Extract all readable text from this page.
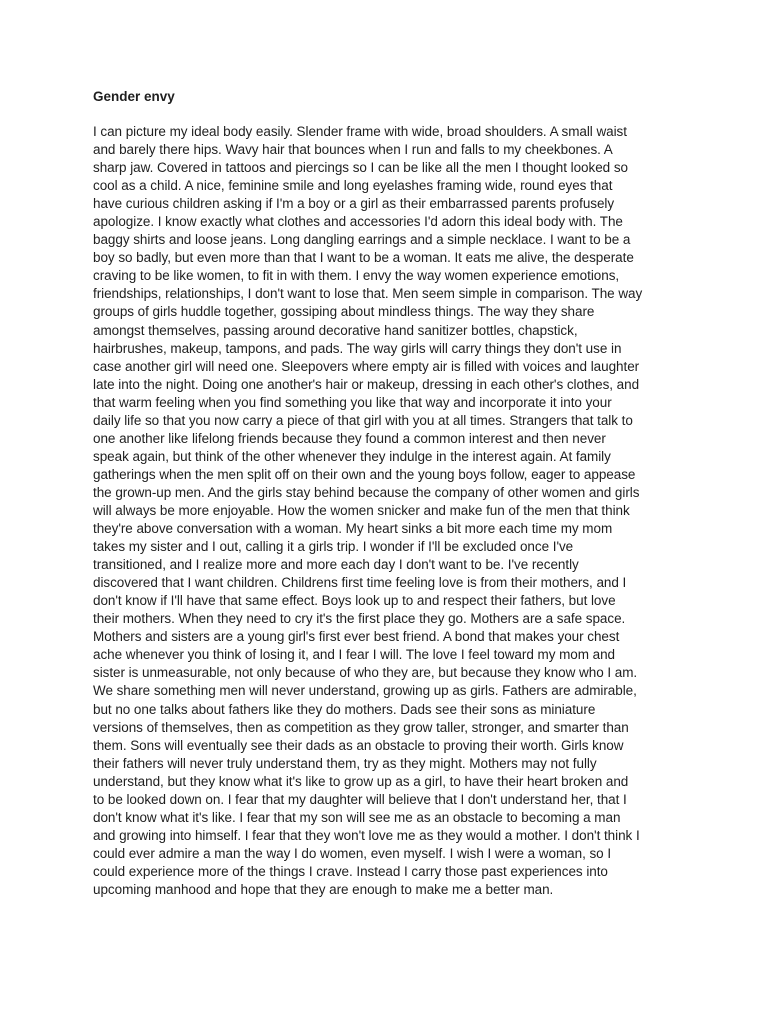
Gender envy
I can picture my ideal body easily. Slender frame with wide, broad shoulders. A small waist
and barely there hips. Wavy hair that bounces when I run and falls to my cheekbones. A
sharp jaw. Covered in tattoos and piercings so I can be like all the men I thought looked so
cool as a child. A nice, feminine smile and long eyelashes framing wide, round eyes that
have curious children asking if I'm a boy or a girl as their embarrassed parents profusely
apologize. I know exactly what clothes and accessories I'd adorn this ideal body with. The
baggy shirts and loose jeans. Long dangling earrings and a simple necklace. I want to be a
boy so badly, but even more than that I want to be a woman. It eats me alive, the desperate
craving to be like women, to fit in with them. I envy the way women experience emotions,
friendships, relationships, I don't want to lose that. Men seem simple in comparison. The way
groups of girls huddle together, gossiping about mindless things. The way they share
amongst themselves, passing around decorative hand sanitizer bottles, chapstick,
hairbrushes, makeup, tampons, and pads. The way girls will carry things they don't use in
case another girl will need one. Sleepovers where empty air is filled with voices and laughter
late into the night. Doing one another's hair or makeup, dressing in each other's clothes, and
that warm feeling when you find something you like that way and incorporate it into your
daily life so that you now carry a piece of that girl with you at all times. Strangers that talk to
one another like lifelong friends because they found a common interest and then never
speak again, but think of the other whenever they indulge in the interest again. At family
gatherings when the men split off on their own and the young boys follow, eager to appease
the grown-up men. And the girls stay behind because the company of other women and girls
will always be more enjoyable. How the women snicker and make fun of the men that think
they're above conversation with a woman. My heart sinks a bit more each time my mom
takes my sister and I out, calling it a girls trip. I wonder if I'll be excluded once I've
transitioned, and I realize more and more each day I don't want to be. I've recently
discovered that I want children. Childrens first time feeling love is from their mothers, and I
don't know if I'll have that same effect. Boys look up to and respect their fathers, but love
their mothers. When they need to cry it's the first place they go. Mothers are a safe space.
Mothers and sisters are a young girl's first ever best friend. A bond that makes your chest
ache whenever you think of losing it, and I fear I will. The love I feel toward my mom and
sister is unmeasurable, not only because of who they are, but because they know who I am.
We share something men will never understand, growing up as girls. Fathers are admirable,
but no one talks about fathers like they do mothers. Dads see their sons as miniature
versions of themselves, then as competition as they grow taller, stronger, and smarter than
them. Sons will eventually see their dads as an obstacle to proving their worth. Girls know
their fathers will never truly understand them, try as they might. Mothers may not fully
understand, but they know what it's like to grow up as a girl, to have their heart broken and
to be looked down on. I fear that my daughter will believe that I don't understand her, that I
don't know what it's like. I fear that my son will see me as an obstacle to becoming a man
and growing into himself. I fear that they won't love me as they would a mother. I don't think I
could ever admire a man the way I do women, even myself. I wish I were a woman, so I
could experience more of the things I crave. Instead I carry those past experiences into
upcoming manhood and hope that they are enough to make me a better man.
